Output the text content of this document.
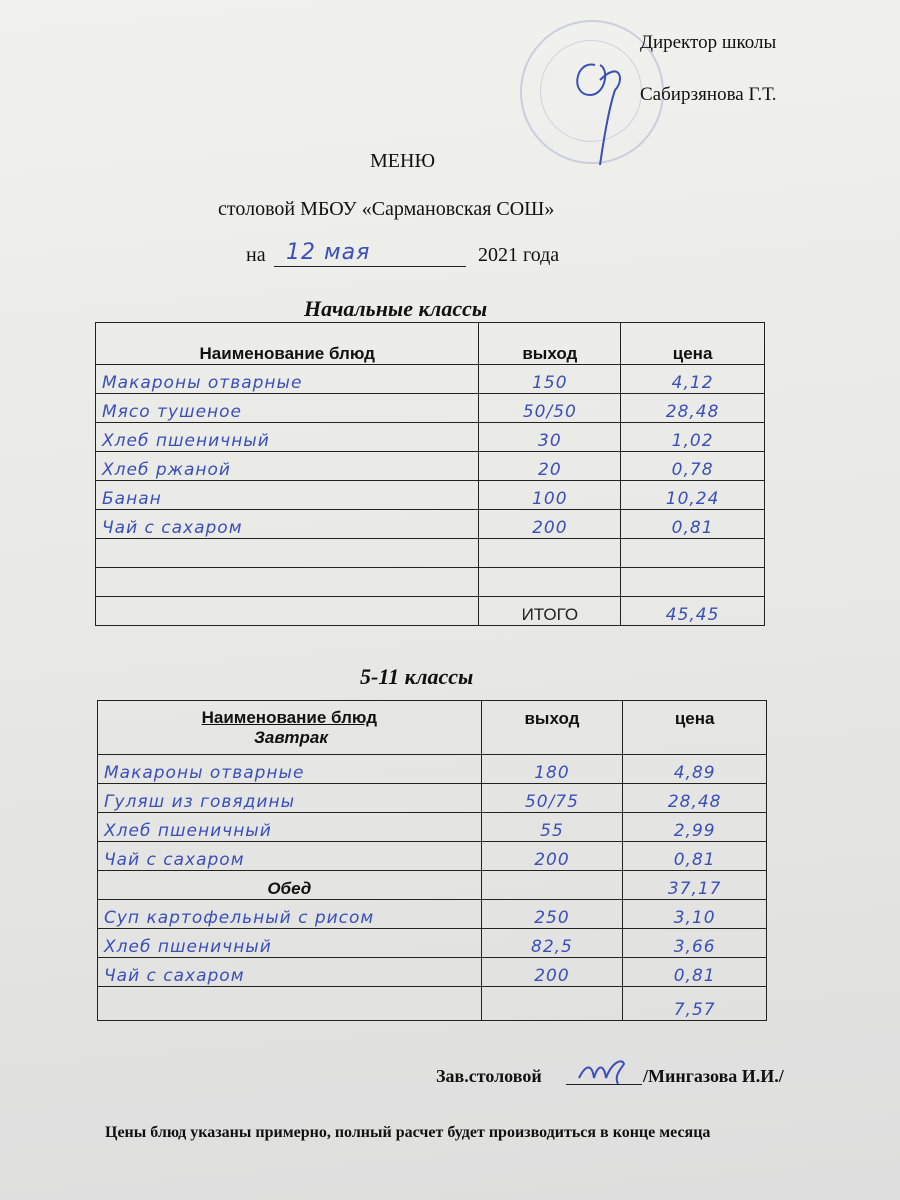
Директор школы
Сабирзянова Г.Т.
МЕНЮ
столовой МБОУ «Сармановская СОШ»
на 12 мая	2021 года
Начальные классы
Наименование блюд	выход	цена
Макароны отварные	150	4,12
Мясо тушеное	50/50	28,48
Хлеб пшеничный	30	1,02
Хлеб ржаной	20	0,78
Банан	100	10,24
Чай с сахаром	200	0,81

	ИТОГО	45,45
5-11 классы
Наименование блюд
Завтрак	выход	цена
Макароны отварные	180	4,89
Гуляш из говядины	50/75	28,48
Хлеб пшеничный	55	2,99
Чай с сахаром	200	0,81

Обед		37,17
Суп картофельный с рисом	250	3,10
Хлеб пшеничный	82,5	3,66
Чай с сахаром	200	0,81
		7,57
Зав.столовой	/Мингазова И.И./
Цены блюд указаны примерно, полный расчет будет производиться в конце месяца
